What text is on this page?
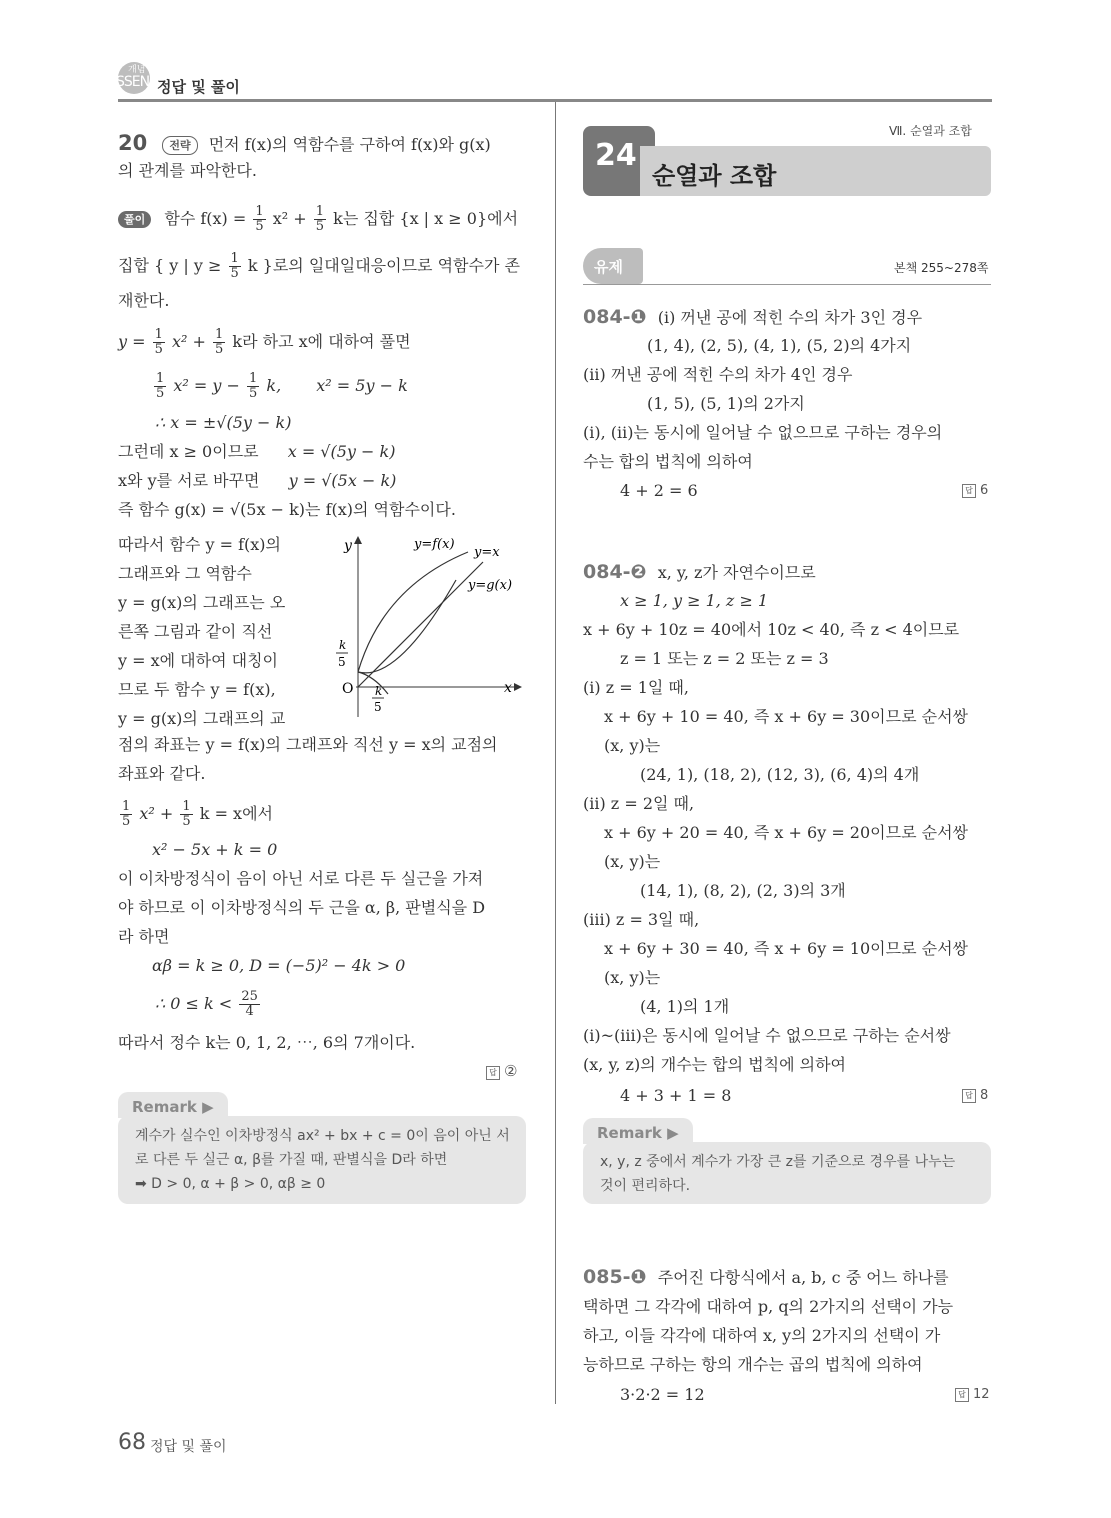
개념
SSEN 정답 및 풀이
20 전략 먼저 f(x)의 역함수를 구하여 f(x)와 g(x)
의 관계를 파악한다.
풀이 함수 $f(x) = \frac{1}{5} x^2 + \frac{1}{5}$ k는 집합 {x | x ≥ 0}에서
집합 { y | $y \ge \frac{1}{5}$ k }로의 일대일대응이므로 역함수가 존
재한다.
$y = \frac{1}{5} x^2 + \frac{1}{5}$ k라 하고 x에 대하여 풀면
$\frac{1}{5} x^2 = y - \frac{1}{5} k$, x² = 5y − k
∴ x = ±√(5y − k)
그런데 x ≥ 0이므로 x = √(5y − k)
x와 y를 서로 바꾸면 y = √(5x − k)
즉 함수 g(x) = √(5x − k)는 f(x)의 역함수이다.
따라서 함수 y = f(x)의
그래프와 그 역함수
y = g(x)의 그래프는 오
른쪽 그림과 같이 직선
y = x에 대하여 대칭이
므로 두 함수 y = f(x),
y = g(x)의 그래프의 교
y
x
O
y=f(x)
y=x
y=g(x)
k
5
k
5
점의 좌표는 y = f(x)의 그래프와 직선 y = x의 교점의
좌표와 같다.
$\frac{1}{5} x^2 + \frac{1}{5}$ k = x에서
x² − 5x + k = 0
이 이차방정식이 음이 아닌 서로 다른 두 실근을 가져
야 하므로 이 이차방정식의 두 근을 α, β, 판별식을 D
라 하면
αβ = k ≥ 0, D = (−5)² − 4k > 0
∴ $0 \le k < \frac{25}{4}$
따라서 정수 k는 0, 1, 2, ⋯, 6의 7개이다.
답 ②
Remark ▶
계수가 실수인 이차방정식 ax² + bx + c = 0이 음이 아닌 서
로 다른 두 실근 α, β를 가질 때, 판별식을 D라 하면
➡ D > 0, α + β > 0, αβ ≥ 0
Ⅶ. 순열과 조합
24
순열과 조합
유제	본책 255~278쪽
084-❶ (ⅰ) 꺼낸 공에 적힌 수의 차가 3인 경우
(1, 4), (2, 5), (4, 1), (5, 2)의 4가지
(ⅱ) 꺼낸 공에 적힌 수의 차가 4인 경우
(1, 5), (5, 1)의 2가지
(ⅰ), (ⅱ)는 동시에 일어날 수 없으므로 구하는 경우의
수는 합의 법칙에 의하여
4 + 2 = 6	답 6
084-❷ x, y, z가 자연수이므로
x ≥ 1, y ≥ 1, z ≥ 1
x + 6y + 10z = 40에서 10z < 40, 즉 z < 4이므로
z = 1 또는 z = 2 또는 z = 3
(ⅰ) z = 1일 때,
x + 6y + 10 = 40, 즉 x + 6y = 30이므로 순서쌍
(x, y)는
(24, 1), (18, 2), (12, 3), (6, 4)의 4개
(ⅱ) z = 2일 때,
x + 6y + 20 = 40, 즉 x + 6y = 20이므로 순서쌍
(x, y)는
(14, 1), (8, 2), (2, 3)의 3개
(ⅲ) z = 3일 때,
x + 6y + 30 = 40, 즉 x + 6y = 10이므로 순서쌍
(x, y)는
(4, 1)의 1개
(ⅰ)~(ⅲ)은 동시에 일어날 수 없으므로 구하는 순서쌍
(x, y, z)의 개수는 합의 법칙에 의하여
4 + 3 + 1 = 8	답 8
Remark ▶
x, y, z 중에서 계수가 가장 큰 z를 기준으로 경우를 나누는
것이 편리하다.
085-❶ 주어진 다항식에서 a, b, c 중 어느 하나를
택하면 그 각각에 대하여 p, q의 2가지의 선택이 가능
하고, 이들 각각에 대하여 x, y의 2가지의 선택이 가
능하므로 구하는 항의 개수는 곱의 법칙에 의하여
3·2·2 = 12	답 12
68 정답 및 풀이
